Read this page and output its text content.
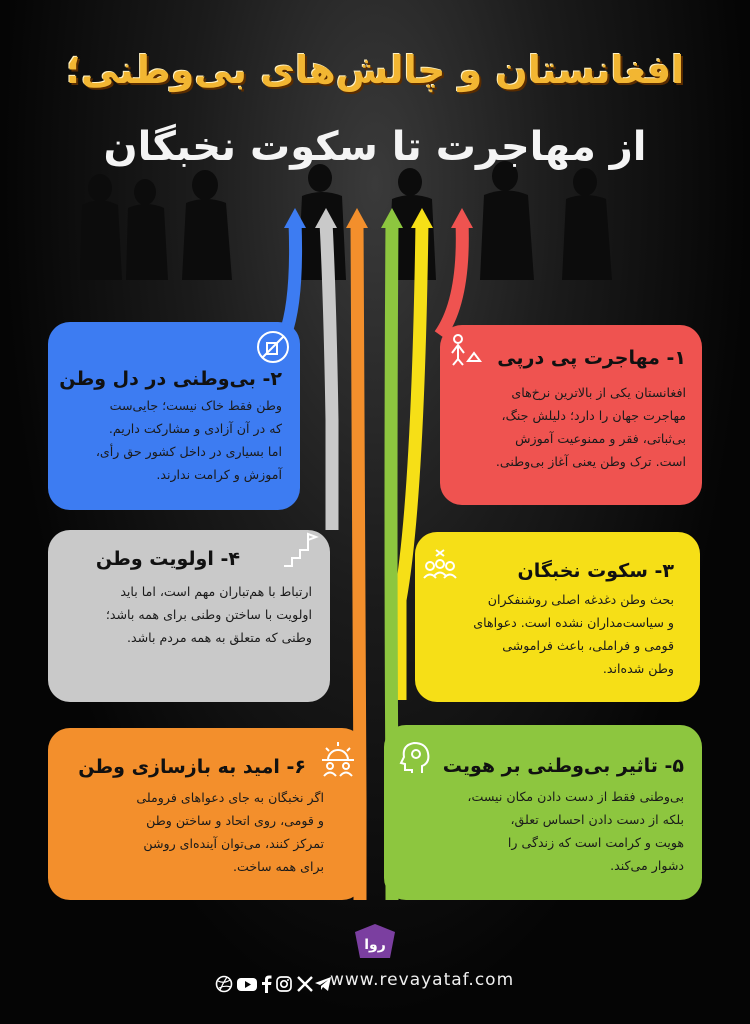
افغانستان و چالش‌های بی‌وطنی؛
از مهاجرت تا سکوت نخبگان
۱- مهاجرت پی‌ درپی

افغانستان یکی از بالاترین نرخ‌های
مهاجرت جهان را دارد؛ دلیلش جنگ،
بی‌ثباتی، فقر و ممنوعیت آموزش
است. ترک وطن یعنی آغاز بی‌وطنی.

۲- بی‌وطنی در دل وطن

وطن فقط خاک نیست؛ جایی‌ست
که در آن آزادی و مشارکت داریم.
اما بسیاری در داخل کشور حق رأی،
آموزش و کرامت ندارند.

۳- سکوت نخبگان

بحث وطن دغدغه اصلی روشنفکران
و سیاست‌مداران نشده است. دعواهای
قومی و فراملی، باعث فراموشی
وطن شده‌اند.

۴- اولویت وطن

ارتباط با هم‌تباران مهم است، اما باید
اولویت با ساختن وطنی برای همه باشد؛
وطنی که متعلق به همه مردم باشد.

۵- تاثیر بی‌وطنی بر هویت

بی‌وطنی فقط از دست دادن مکان نیست،
بلکه از دست دادن احساس تعلق،
هویت و کرامت است که زندگی را
دشوار می‌کند.

۶- امید به بازسازی وطن

اگر نخبگان به جای دعواهای فروملی
و قومی، روی اتحاد و ساختن وطن
تمرکز کنند، می‌توان آینده‌ای روشن
برای همه ساخت.

ر‌و‌ا
www.revayataf.com
